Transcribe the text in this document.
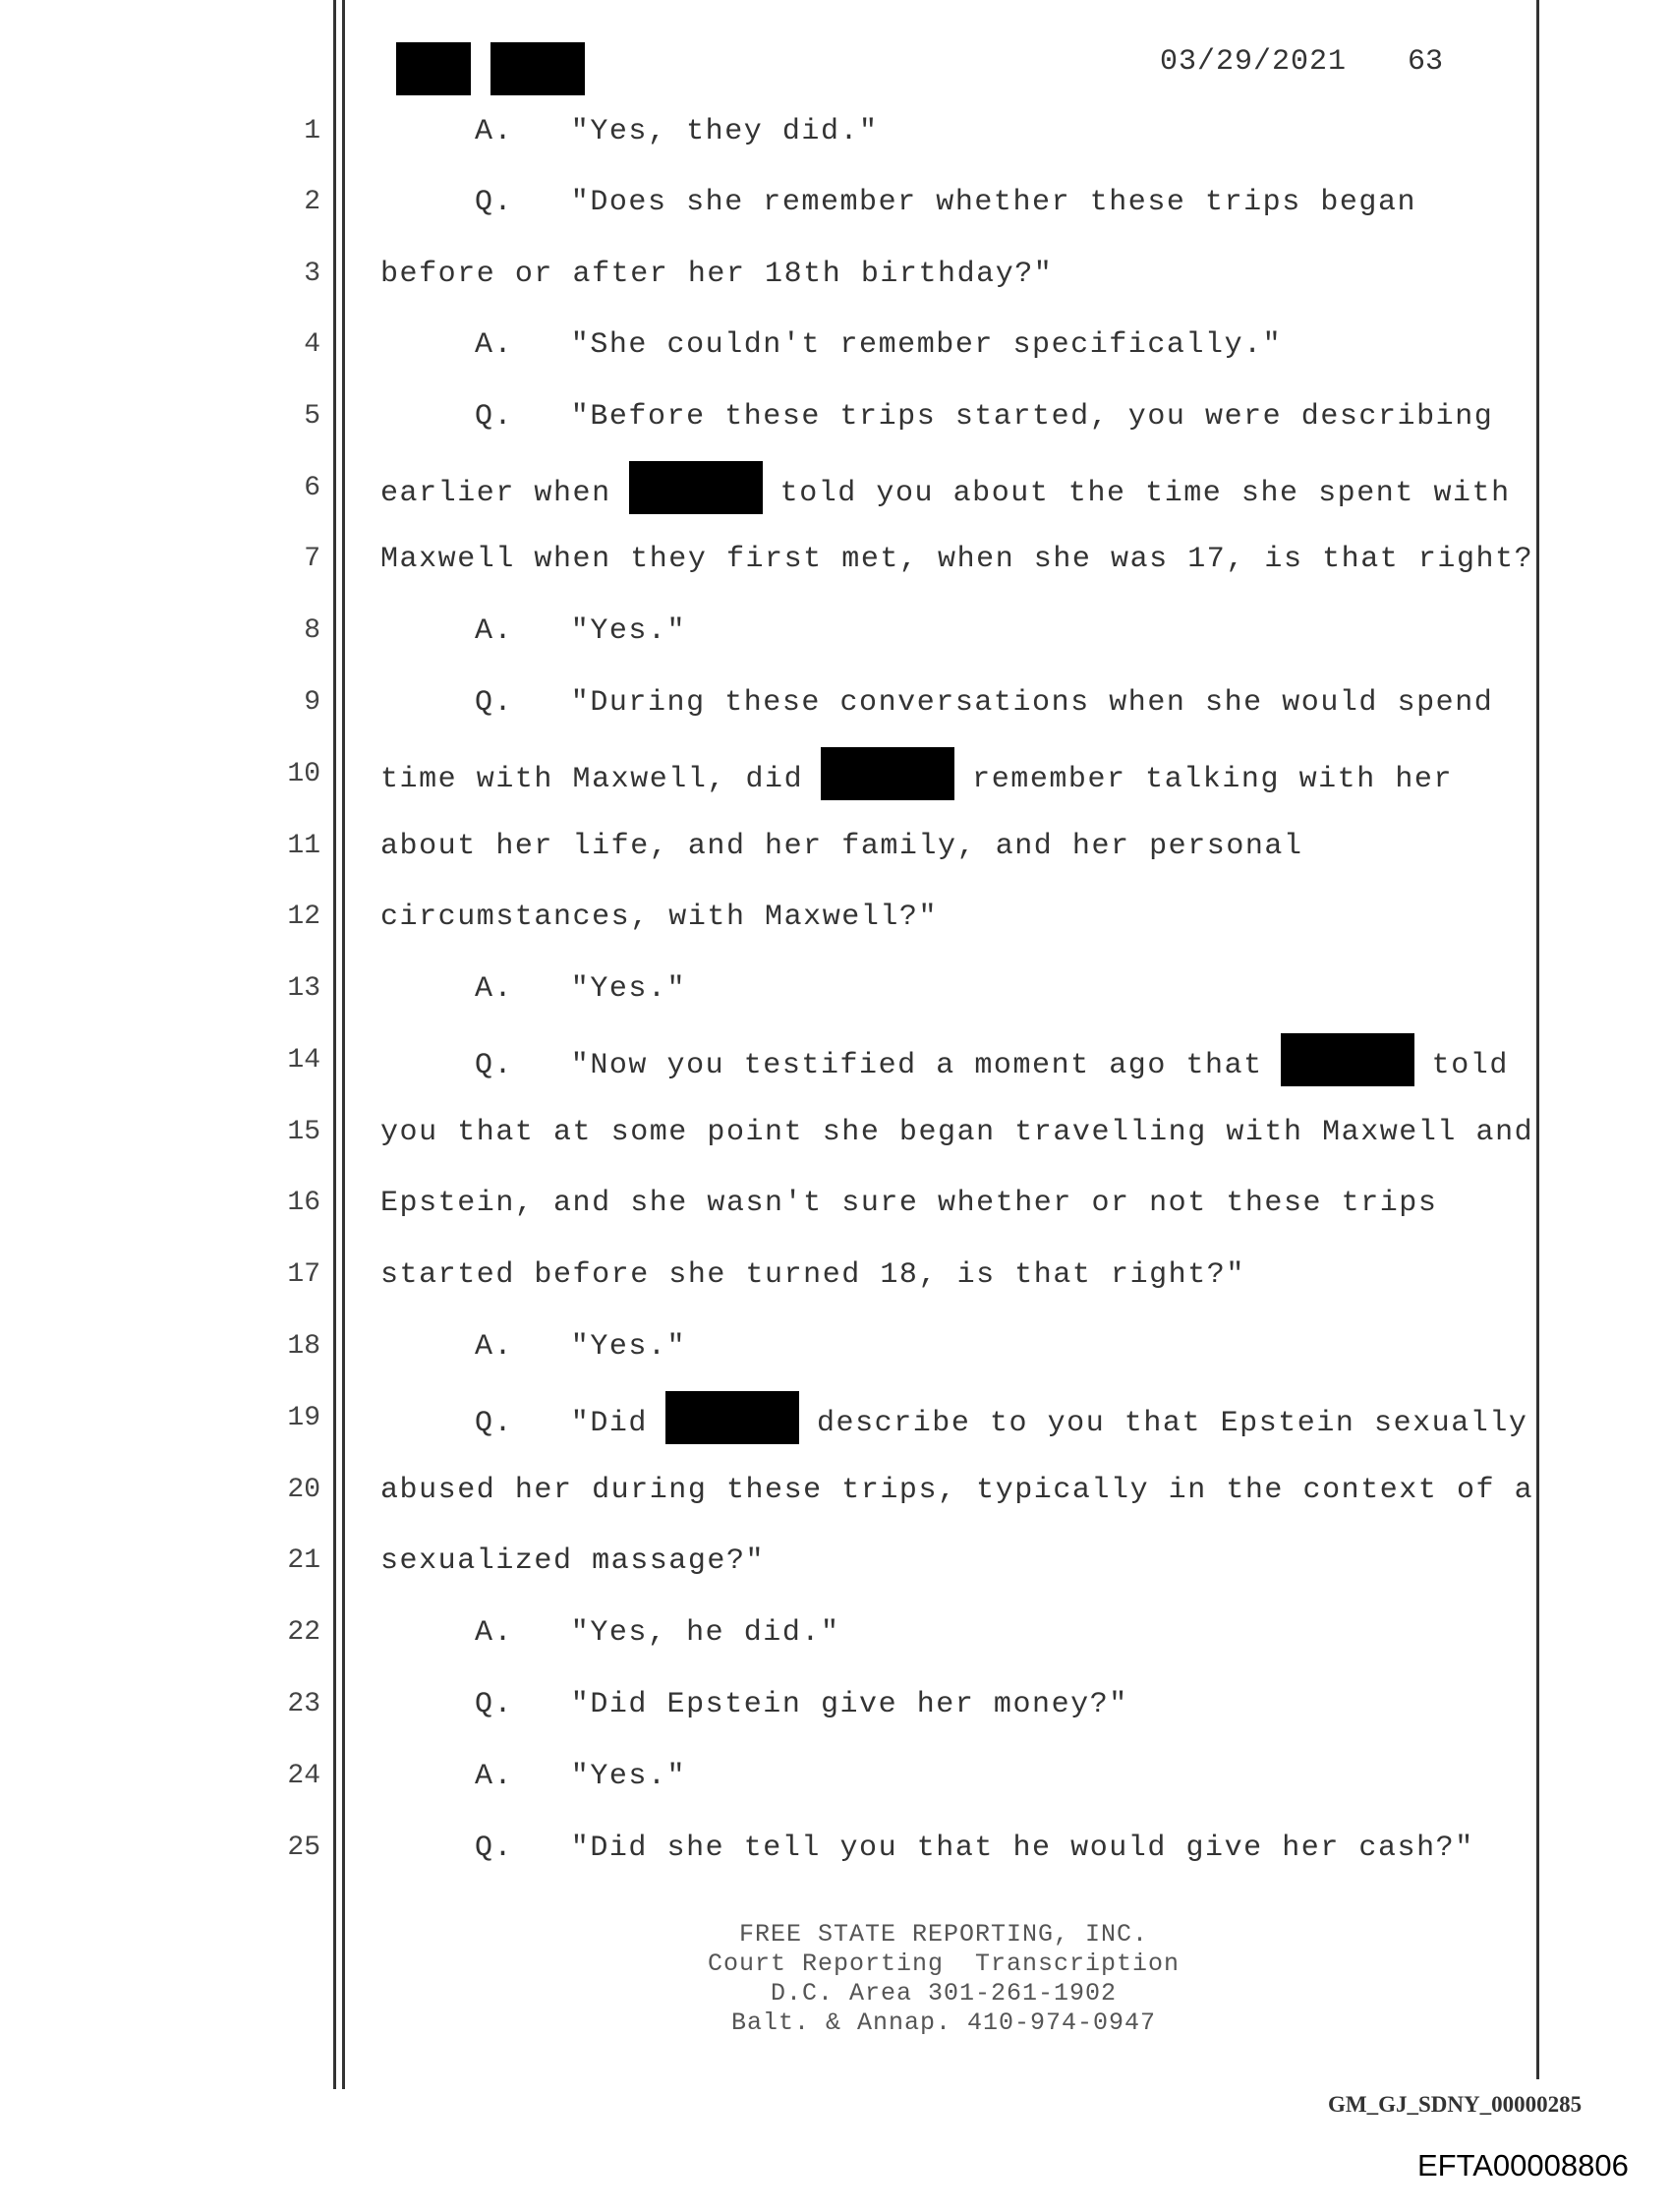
03/29/2021 63
1	A.   "Yes, they did."
2	Q.   "Does she remember whether these trips began
3 before or after her 18th birthday?"
4	A.   "She couldn't remember specifically."
5	Q.   "Before these trips started, you were describing
6 earlier when	told you about the time she spent with
7 Maxwell when they first met, when she was 17, is that right?
8	A.   "Yes."
9	Q.   "During these conversations when she would spend
10 time with Maxwell, did	remember talking with her
11 about her life, and her family, and her personal
12 circumstances, with Maxwell?"
13	A.   "Yes."
14	Q.   "Now you testified a moment ago that	told
15 you that at some point she began travelling with Maxwell and
16 Epstein, and she wasn't sure whether or not these trips
17 started before she turned 18, is that right?"
18	A.   "Yes."
19	Q.   "Did	describe to you that Epstein sexually
20 abused her during these trips, typically in the context of a
21 sexualized massage?"
22	A.   "Yes, he did."
23	Q.   "Did Epstein give her money?"
24	A.   "Yes."
25	Q.   "Did she tell you that he would give her cash?"
FREE STATE REPORTING, INC.
Court Reporting  Transcription
D.C. Area 301-261-1902
Balt. & Annap. 410-974-0947
GM_GJ_SDNY_00000285
EFTA00008806
